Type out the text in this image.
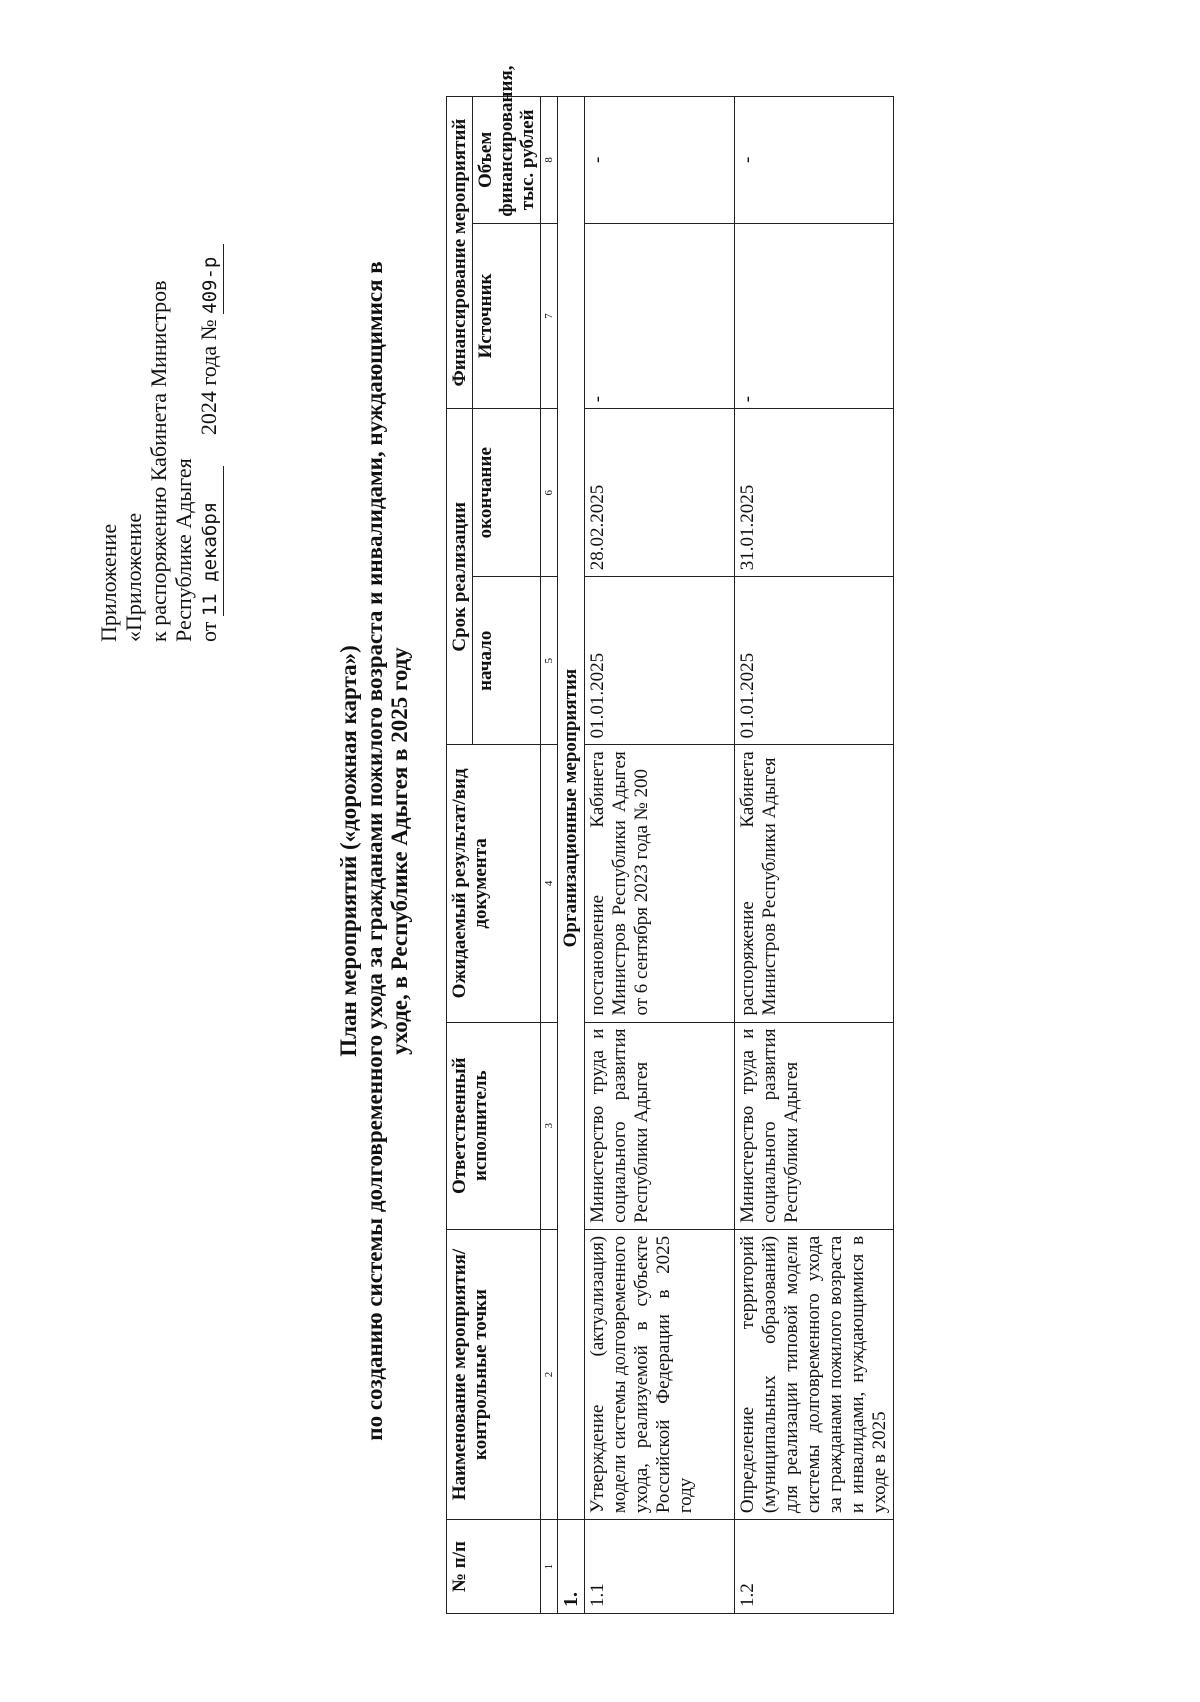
Приложение «Приложение к распоряжению Кабинета Министров Республике Адыгея от 11 декабря  2024 года № 409-р
План мероприятий («дорожная карта») по созданию системы долговременного ухода за гражданами пожилого возраста и инвалидами, нуждающимися в уходе, в Республике Адыгея в 2025 году
№ п/п	Наименование мероприятия/ контрольные точки	Ответственный исполнитель	Ожидаемый результат/вид документа	Срок реализации		Финансирование мероприятий	
				начало	окончание	Источник	Объем финансирования, тыс. рублей
1	2	3	4	5	6	7	8
1.	Организационные мероприятия						
1.1	Утверждение (актуализация) модели системы долговременного ухода, реализуемой в субъекте Российской Федерации в 2025 году	Министерство труда и социального развития Республики Адыгея	постановление Кабинета Министров Республики Адыгея от 6 сентября 2023 года № 200	01.01.2025	28.02.2025	-	-
1.2	Определение территорий (муниципальных образований) для реализации типовой модели системы долговременного ухода за гражданами пожилого возраста и инвалидами, нуждающимися в уходе в 2025	Министерство труда и социального развития Республики Адыгея	распоряжение Кабинета Министров Республики Адыгея	01.01.2025	31.01.2025	-	-
